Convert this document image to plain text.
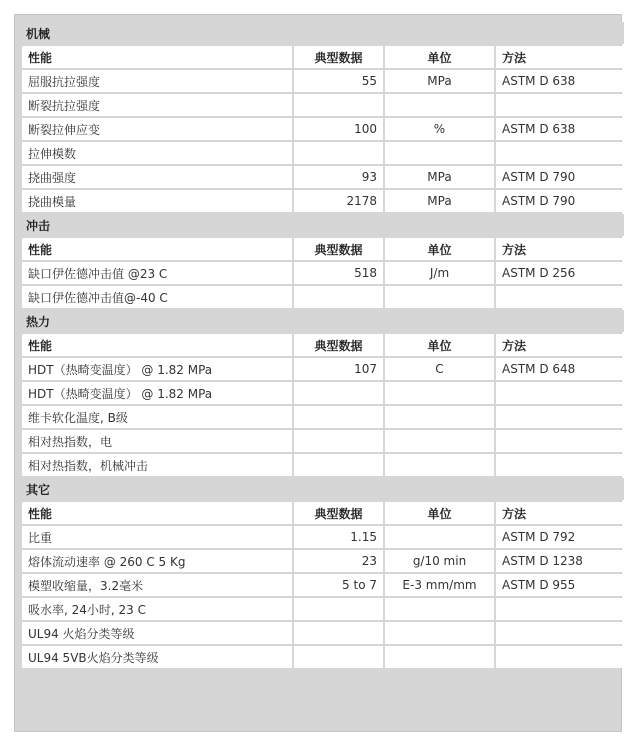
机械			
性能	典型数据	单位	方法
屈服抗拉强度	55	MPa	ASTM D 638
断裂抗拉强度			
断裂拉伸应变	100	%	ASTM D 638
拉伸模数			
挠曲强度	93	MPa	ASTM D 790
挠曲模量	2178	MPa	ASTM D 790
冲击			
性能	典型数据	单位	方法
缺口伊佐德冲击值 @23 C	518	J/m	ASTM D 256
缺口伊佐德冲击值@-40 C			
热力			
性能	典型数据	单位	方法
HDT（热畸变温度） @ 1.82 MPa	107	C	ASTM D 648
HDT（热畸变温度） @ 1.82 MPa			
维卡软化温度, B级			
相对热指数，电			
相对热指数，机械冲击			
其它			
性能	典型数据	单位	方法
比重	1.15		ASTM D 792
熔体流动速率 @ 260 C 5 Kg	23	g/10 min	ASTM D 1238
模塑收缩量，3.2毫米	5 to 7	E-3 mm/mm	ASTM D 955
吸水率, 24小时, 23 C			
UL94 火焰分类等级			
UL94 5VB火焰分类等级			
